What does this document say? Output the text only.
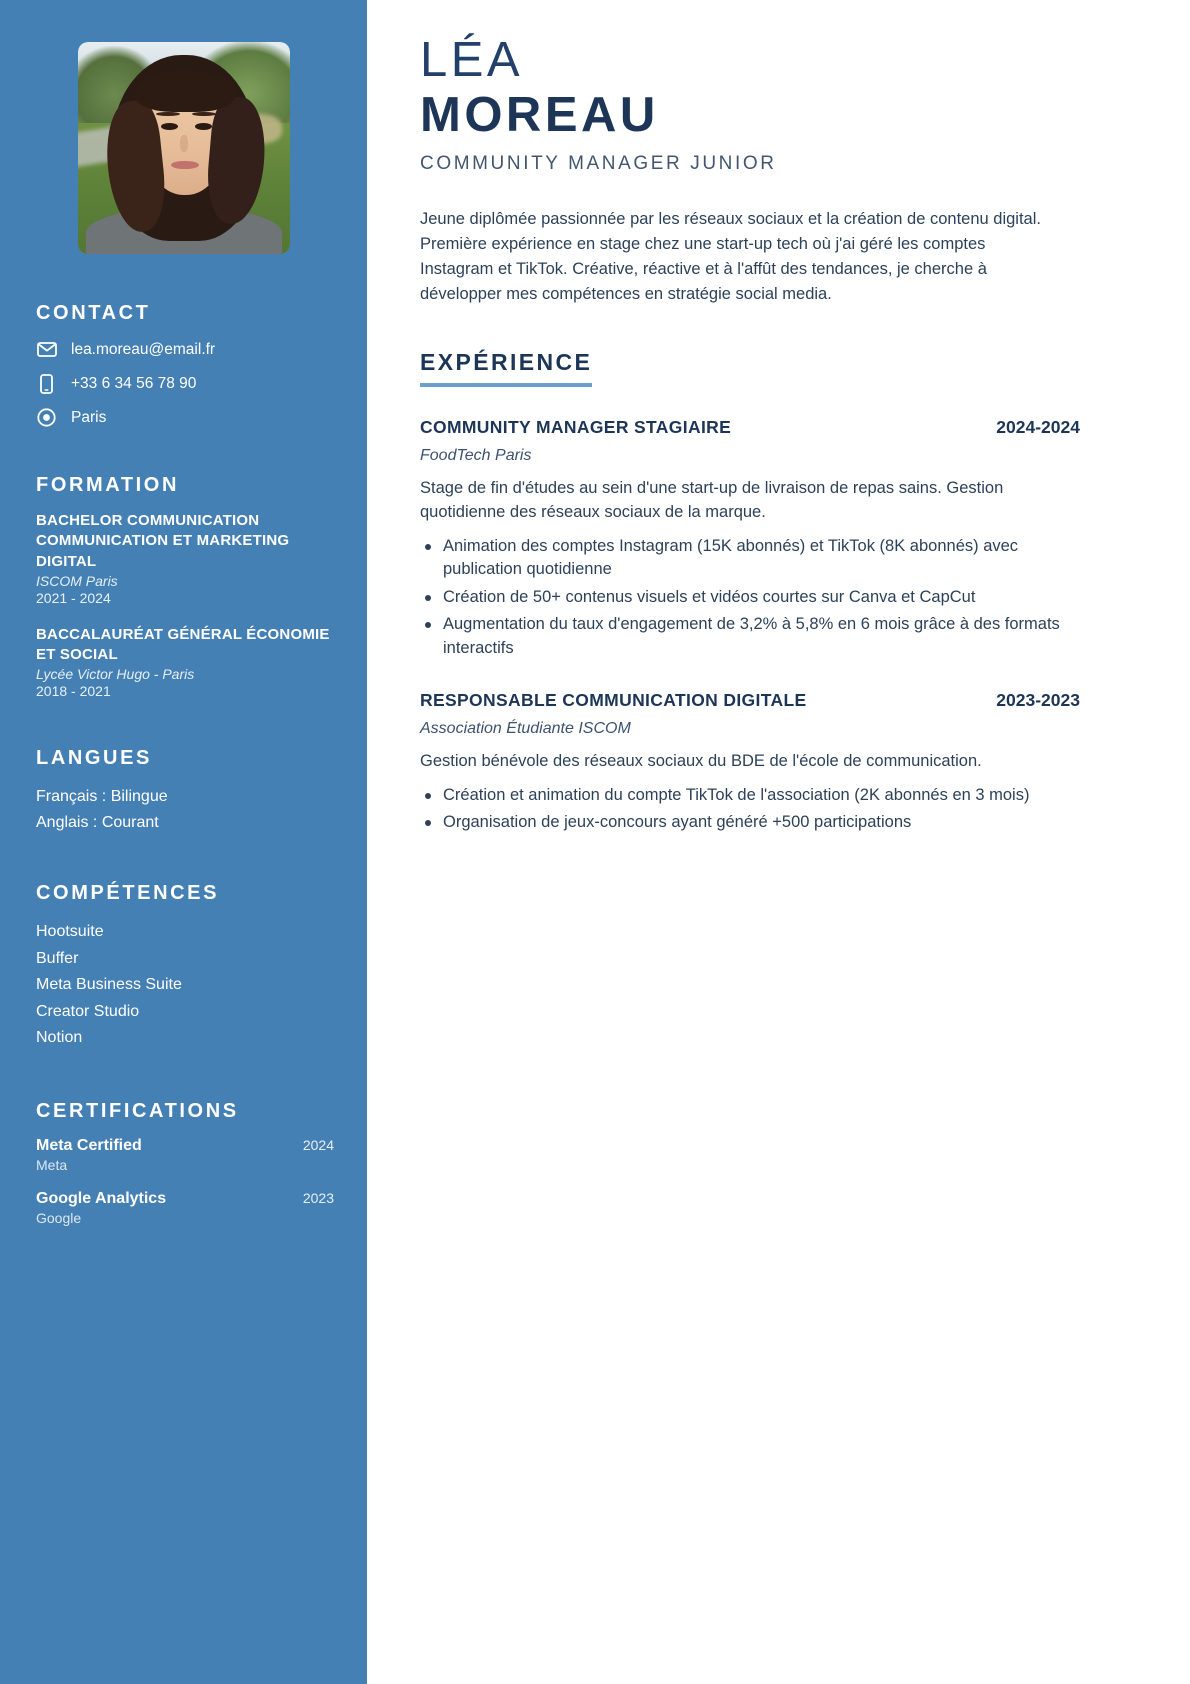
CONTACT
lea.moreau@email.fr
+33 6 34 56 78 90
Paris
FORMATION
BACHELOR COMMUNICATION COMMUNICATION ET MARKETING DIGITAL
ISCOM Paris
2021 - 2024
BACCALAURÉAT GÉNÉRAL ÉCONOMIE ET SOCIAL
Lycée Victor Hugo - Paris
2018 - 2021
LANGUES
Français : Bilingue
Anglais : Courant
COMPÉTENCES
Hootsuite
Buffer
Meta Business Suite
Creator Studio
Notion
CERTIFICATIONS
Meta Certified	2024
Meta
Google Analytics	2023
Google
LÉA
MOREAU
COMMUNITY MANAGER JUNIOR

Jeune diplômée passionnée par les réseaux sociaux et la création de contenu digital. Première expérience en stage chez une start-up tech où j'ai géré les comptes Instagram et TikTok. Créative, réactive et à l'affût des tendances, je cherche à développer mes compétences en stratégie social media.

EXPÉRIENCE
COMMUNITY MANAGER STAGIAIRE	2024-2024
FoodTech Paris

Stage de fin d'études au sein d'une start-up de livraison de repas sains. Gestion quotidienne des réseaux sociaux de la marque.

Animation des comptes Instagram (15K abonnés) et TikTok (8K abonnés) avec publication quotidienne
Création de 50+ contenus visuels et vidéos courtes sur Canva et CapCut
Augmentation du taux d'engagement de 3,2% à 5,8% en 6 mois grâce à des formats interactifs
RESPONSABLE COMMUNICATION DIGITALE	2023-2023
Association Étudiante ISCOM

Gestion bénévole des réseaux sociaux du BDE de l'école de communication.

Création et animation du compte TikTok de l'association (2K abonnés en 3 mois)
Organisation de jeux-concours ayant généré +500 participations
